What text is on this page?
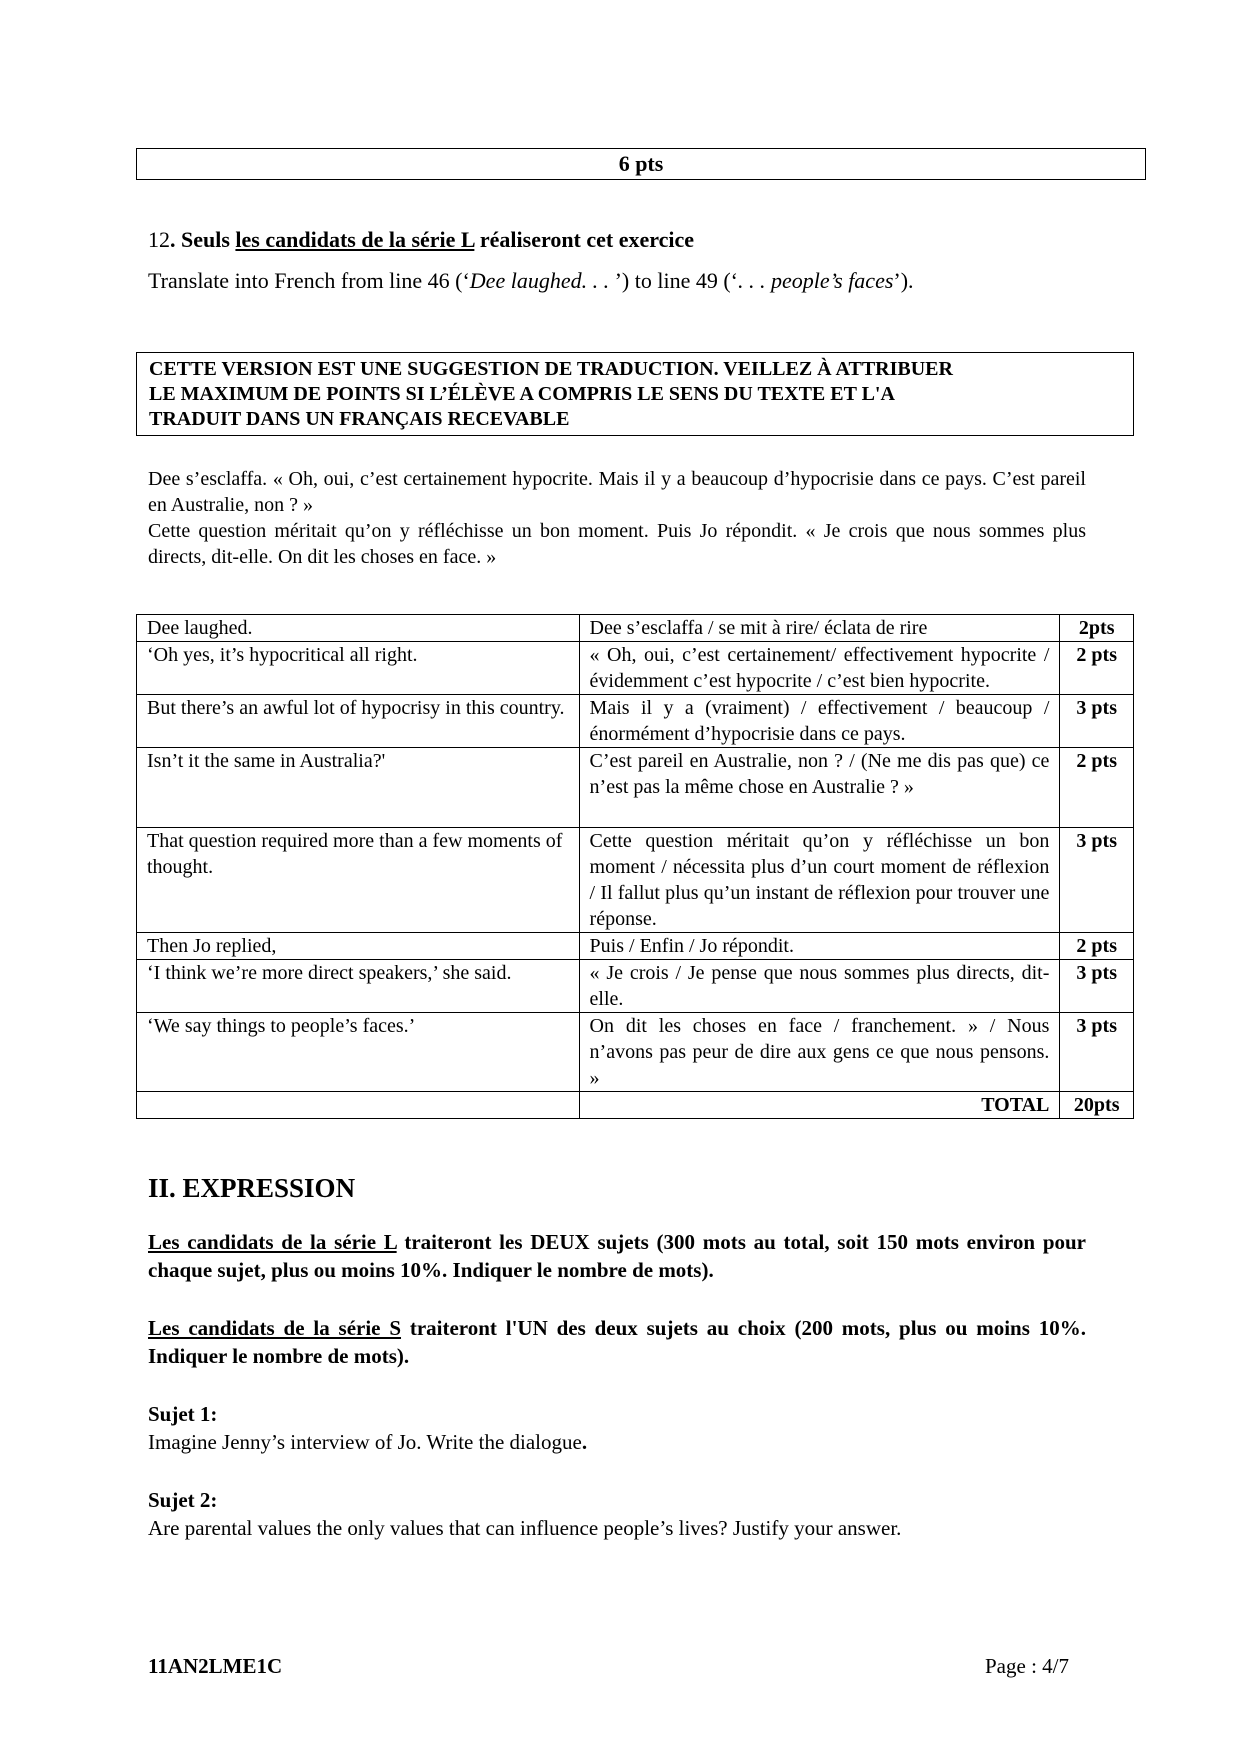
6 pts
12. Seuls les candidats de la série L réaliseront cet exercice
Translate into French from line 46 (‘Dee laughed. . . ’) to line 49 (‘. . . people’s faces’).
CETTE VERSION EST UNE SUGGESTION DE TRADUCTION. VEILLEZ À ATTRIBUER
LE MAXIMUM DE POINTS SI L’ÉLÈVE A COMPRIS LE SENS DU TEXTE ET L'A
TRADUIT DANS UN FRANÇAIS RECEVABLE

Dee s’esclaffa. « Oh, oui, c’est certainement hypocrite. Mais il y a beaucoup d’hypocrisie dans ce pays. C’est pareil en Australie, non ? »

Cette question méritait qu’on y réfléchisse un bon moment. Puis Jo répondit. « Je crois que nous sommes plus directs, dit-elle. On dit les choses en face. »

Dee laughed.	Dee s’esclaffa / se mit à rire/ éclata de rire	2pts
‘Oh yes, it’s hypocritical all right.	« Oh, oui, c’est certainement/ effectivement hypocrite / évidemment c’est hypocrite / c’est bien hypocrite.	2 pts
But there’s an awful lot of hypocrisy in this country.	Mais il y a (vraiment) / effectivement / beaucoup / énormément d’hypocrisie dans ce pays.	3 pts
Isn’t it the same in Australia?'	C’est pareil en Australie, non ? / (Ne me dis pas que) ce n’est pas la même chose en Australie ? »	2 pts
That question required more than a few moments of thought.	Cette question méritait qu’on y réfléchisse un bon moment / nécessita plus d’un court moment de réflexion / Il fallut plus qu’un instant de réflexion pour trouver une réponse.	3 pts
Then Jo replied,	Puis / Enfin / Jo répondit.	2 pts
‘I think we’re more direct speakers,’ she said.	« Je crois / Je pense que nous sommes plus directs, dit-elle.	3 pts
‘We say things to people’s faces.’	On dit les choses en face / franchement. » / Nous n’avons pas peur de dire aux gens ce que nous pensons. »	3 pts
	TOTAL	20pts
II. EXPRESSION
Les candidats de la série L traiteront les DEUX sujets (300 mots au total, soit 150 mots environ pour chaque sujet, plus ou moins 10%. Indiquer le nombre de mots).
Les candidats de la série S traiteront l'UN des deux sujets au choix (200 mots, plus ou moins 10%. Indiquer le nombre de mots).
Sujet 1:
Imagine Jenny’s interview of Jo. Write the dialogue.
Sujet 2:
Are parental values the only values that can influence people’s lives? Justify your answer.
11AN2LME1C	Page : 4/7
